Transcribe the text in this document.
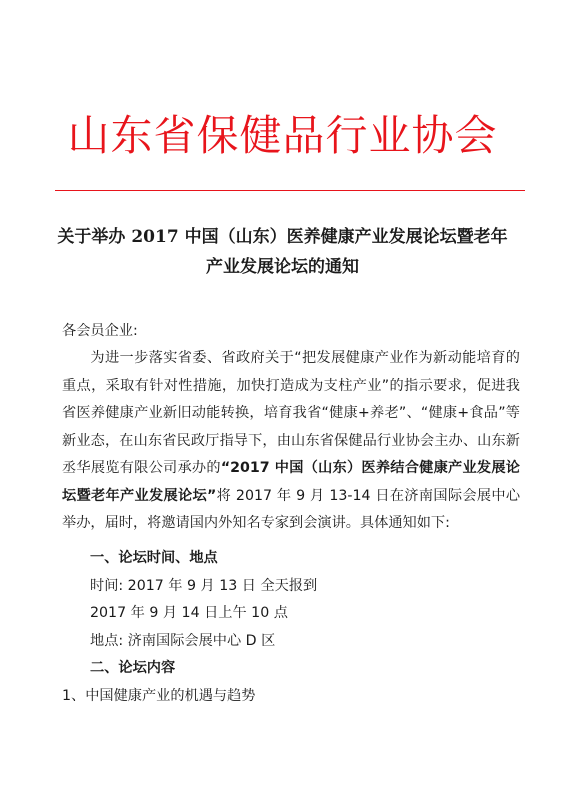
山东省保健品行业协会
关于举办 2017 中国（山东）医养健康产业发展论坛暨老年
产业发展论坛的通知
各会员企业:
为进一步落实省委、省政府关于“把发展健康产业作为新动能培育的重点，采取有针对性措施，加快打造成为支柱产业”的指示要求，促进我省医养健康产业新旧动能转换，培育我省“健康+养老”、“健康+食品”等新业态，在山东省民政厅指导下，由山东省保健品行业协会主办、山东新丞华展览有限公司承办的“2017 中国（山东）医养结合健康产业发展论坛暨老年产业发展论坛”将 2017 年 9 月 13-14 日在济南国际会展中心举办，届时，将邀请国内外知名专家到会演讲。具体通知如下:
一、论坛时间、地点
时间: 2017 年 9 月 13 日 全天报到
2017 年 9 月 14 日上午 10 点
地点: 济南国际会展中心 D 区
二、论坛内容
1、中国健康产业的机遇与趋势
